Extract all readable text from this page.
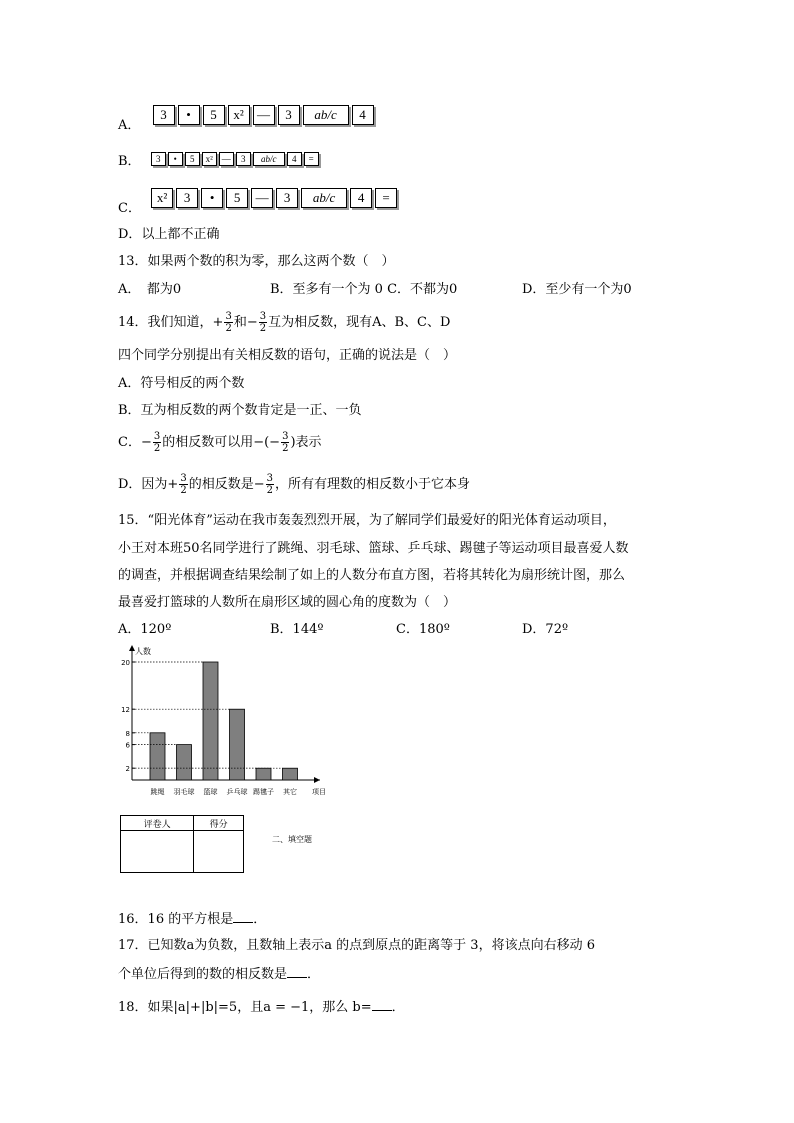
A．
3	•	5	x²	—	3	ab/c	4
B．	3	•	5	x² —	3	ab/c	4	=
C．
x²	3	•	5	—	3	ab/c	4	=
D．以上都不正确
13．如果两个数的积为零，那么这两个数（　）
A．　都为0	B．至多有一个为 0 C．不都为0	D．至少有一个为0
14．我们知道，+ $\frac{3}{2}$ 和− $\frac{3}{2}$ 互为相反数，现有A、B、C、D
四个同学分别提出有关相反数的语句，正确的说法是（　）
A．符号相反的两个数
B．互为相反数的两个数肯定是一正、一负
C．− $\frac{3}{2}$ 的相反数可以用−(− $\frac{3}{2}$ )表示
D．因为+ $\frac{3}{2}$ 的相反数是− $\frac{3}{2}$ ，所有有理数的相反数小于它本身
15．“阳光体育”运动在我市轰轰烈烈开展，为了解同学们最爱好的阳光体育运动项目，
小王对本班50名同学进行了跳绳、羽毛球、篮球、乒乓球、踢毽子等运动项目最喜爱人数
的调查，并根据调查结果绘制了如上的人数分布直方图，若将其转化为扇形统计图，那么
最喜爱打篮球的人数所在扇形区域的圆心角的度数为（　）
A．120º	B．144º	C．180º	D．72º
人数
项目
2
6
8
12
20
跳绳 羽毛球 篮球 乒乓球 踢毽子 其它
评卷人	得分

二、填空题
16．16 的平方根是 ．
17．已知数a为负数，且数轴上表示a 的点到原点的距离等于 3，将该点向右移动 6
个单位后得到的数的相反数是 ．
18．如果|a|+|b|=5，且a = −1，那么 b= ．
